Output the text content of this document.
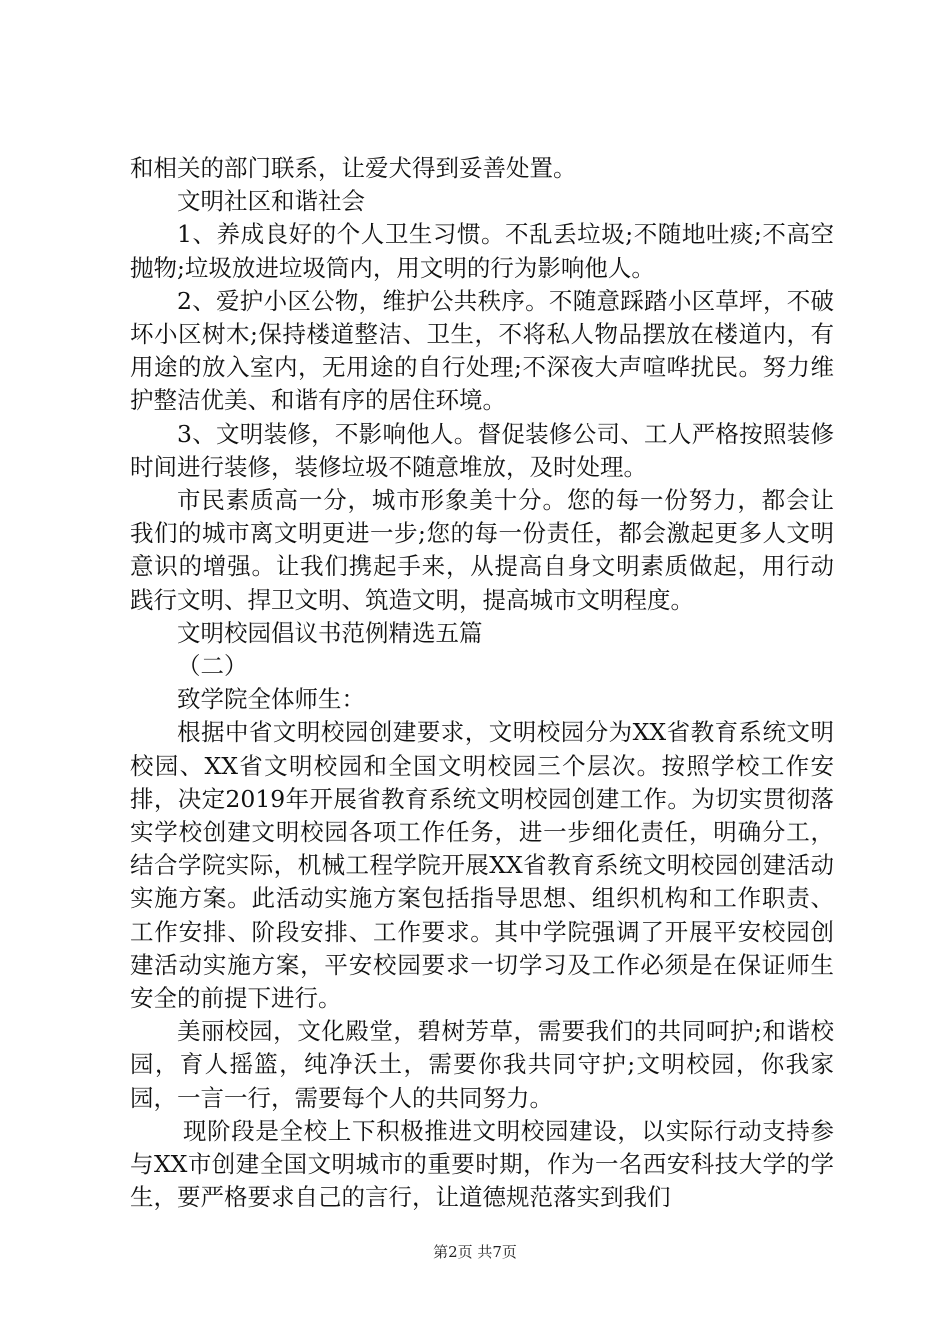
和相关的部门联系，让爱犬得到妥善处置。

文明社区和谐社会

1、养成良好的个人卫生习惯。不乱丢垃圾;不随地吐痰;不高空抛物;垃圾放进垃圾筒内，用文明的行为影响他人。

2、爱护小区公物，维护公共秩序。不随意踩踏小区草坪，不破坏小区树木;保持楼道整洁、卫生，不将私人物品摆放在楼道内，有用途的放入室内，无用途的自行处理;不深夜大声喧哗扰民。努力维护整洁优美、和谐有序的居住环境。

3、文明装修，不影响他人。督促装修公司、工人严格按照装修时间进行装修，装修垃圾不随意堆放，及时处理。

市民素质高一分，城市形象美十分。您的每一份努力，都会让我们的城市离文明更进一步;您的每一份责任，都会激起更多人文明意识的增强。让我们携起手来，从提高自身文明素质做起，用行动践行文明、捍卫文明、筑造文明，提高城市文明程度。

文明校园倡议书范例精选五篇

（二）

致学院全体师生：

根据中省文明校园创建要求，文明校园分为XX省教育系统文明校园、XX省文明校园和全国文明校园三个层次。按照学校工作安排，决定2019年开展省教育系统文明校园创建工作。为切实贯彻落实学校创建文明校园各项工作任务，进一步细化责任，明确分工，结合学院实际，机械工程学院开展XX省教育系统文明校园创建活动实施方案。此活动实施方案包括指导思想、组织机构和工作职责、工作安排、阶段安排、工作要求。其中学院强调了开展平安校园创建活动实施方案，平安校园要求一切学习及工作必须是在保证师生安全的前提下进行。

美丽校园，文化殿堂，碧树芳草，需要我们的共同呵护;和谐校园，育人摇篮，纯净沃土，需要你我共同守护;文明校园，你我家园，一言一行，需要每个人的共同努力。

现阶段是全校上下积极推进文明校园建设，以实际行动支持参与XX市创建全国文明城市的重要时期，作为一名西安科技大学的学生，要严格要求自己的言行，让道德规范落实到我们

第2页 共7页
